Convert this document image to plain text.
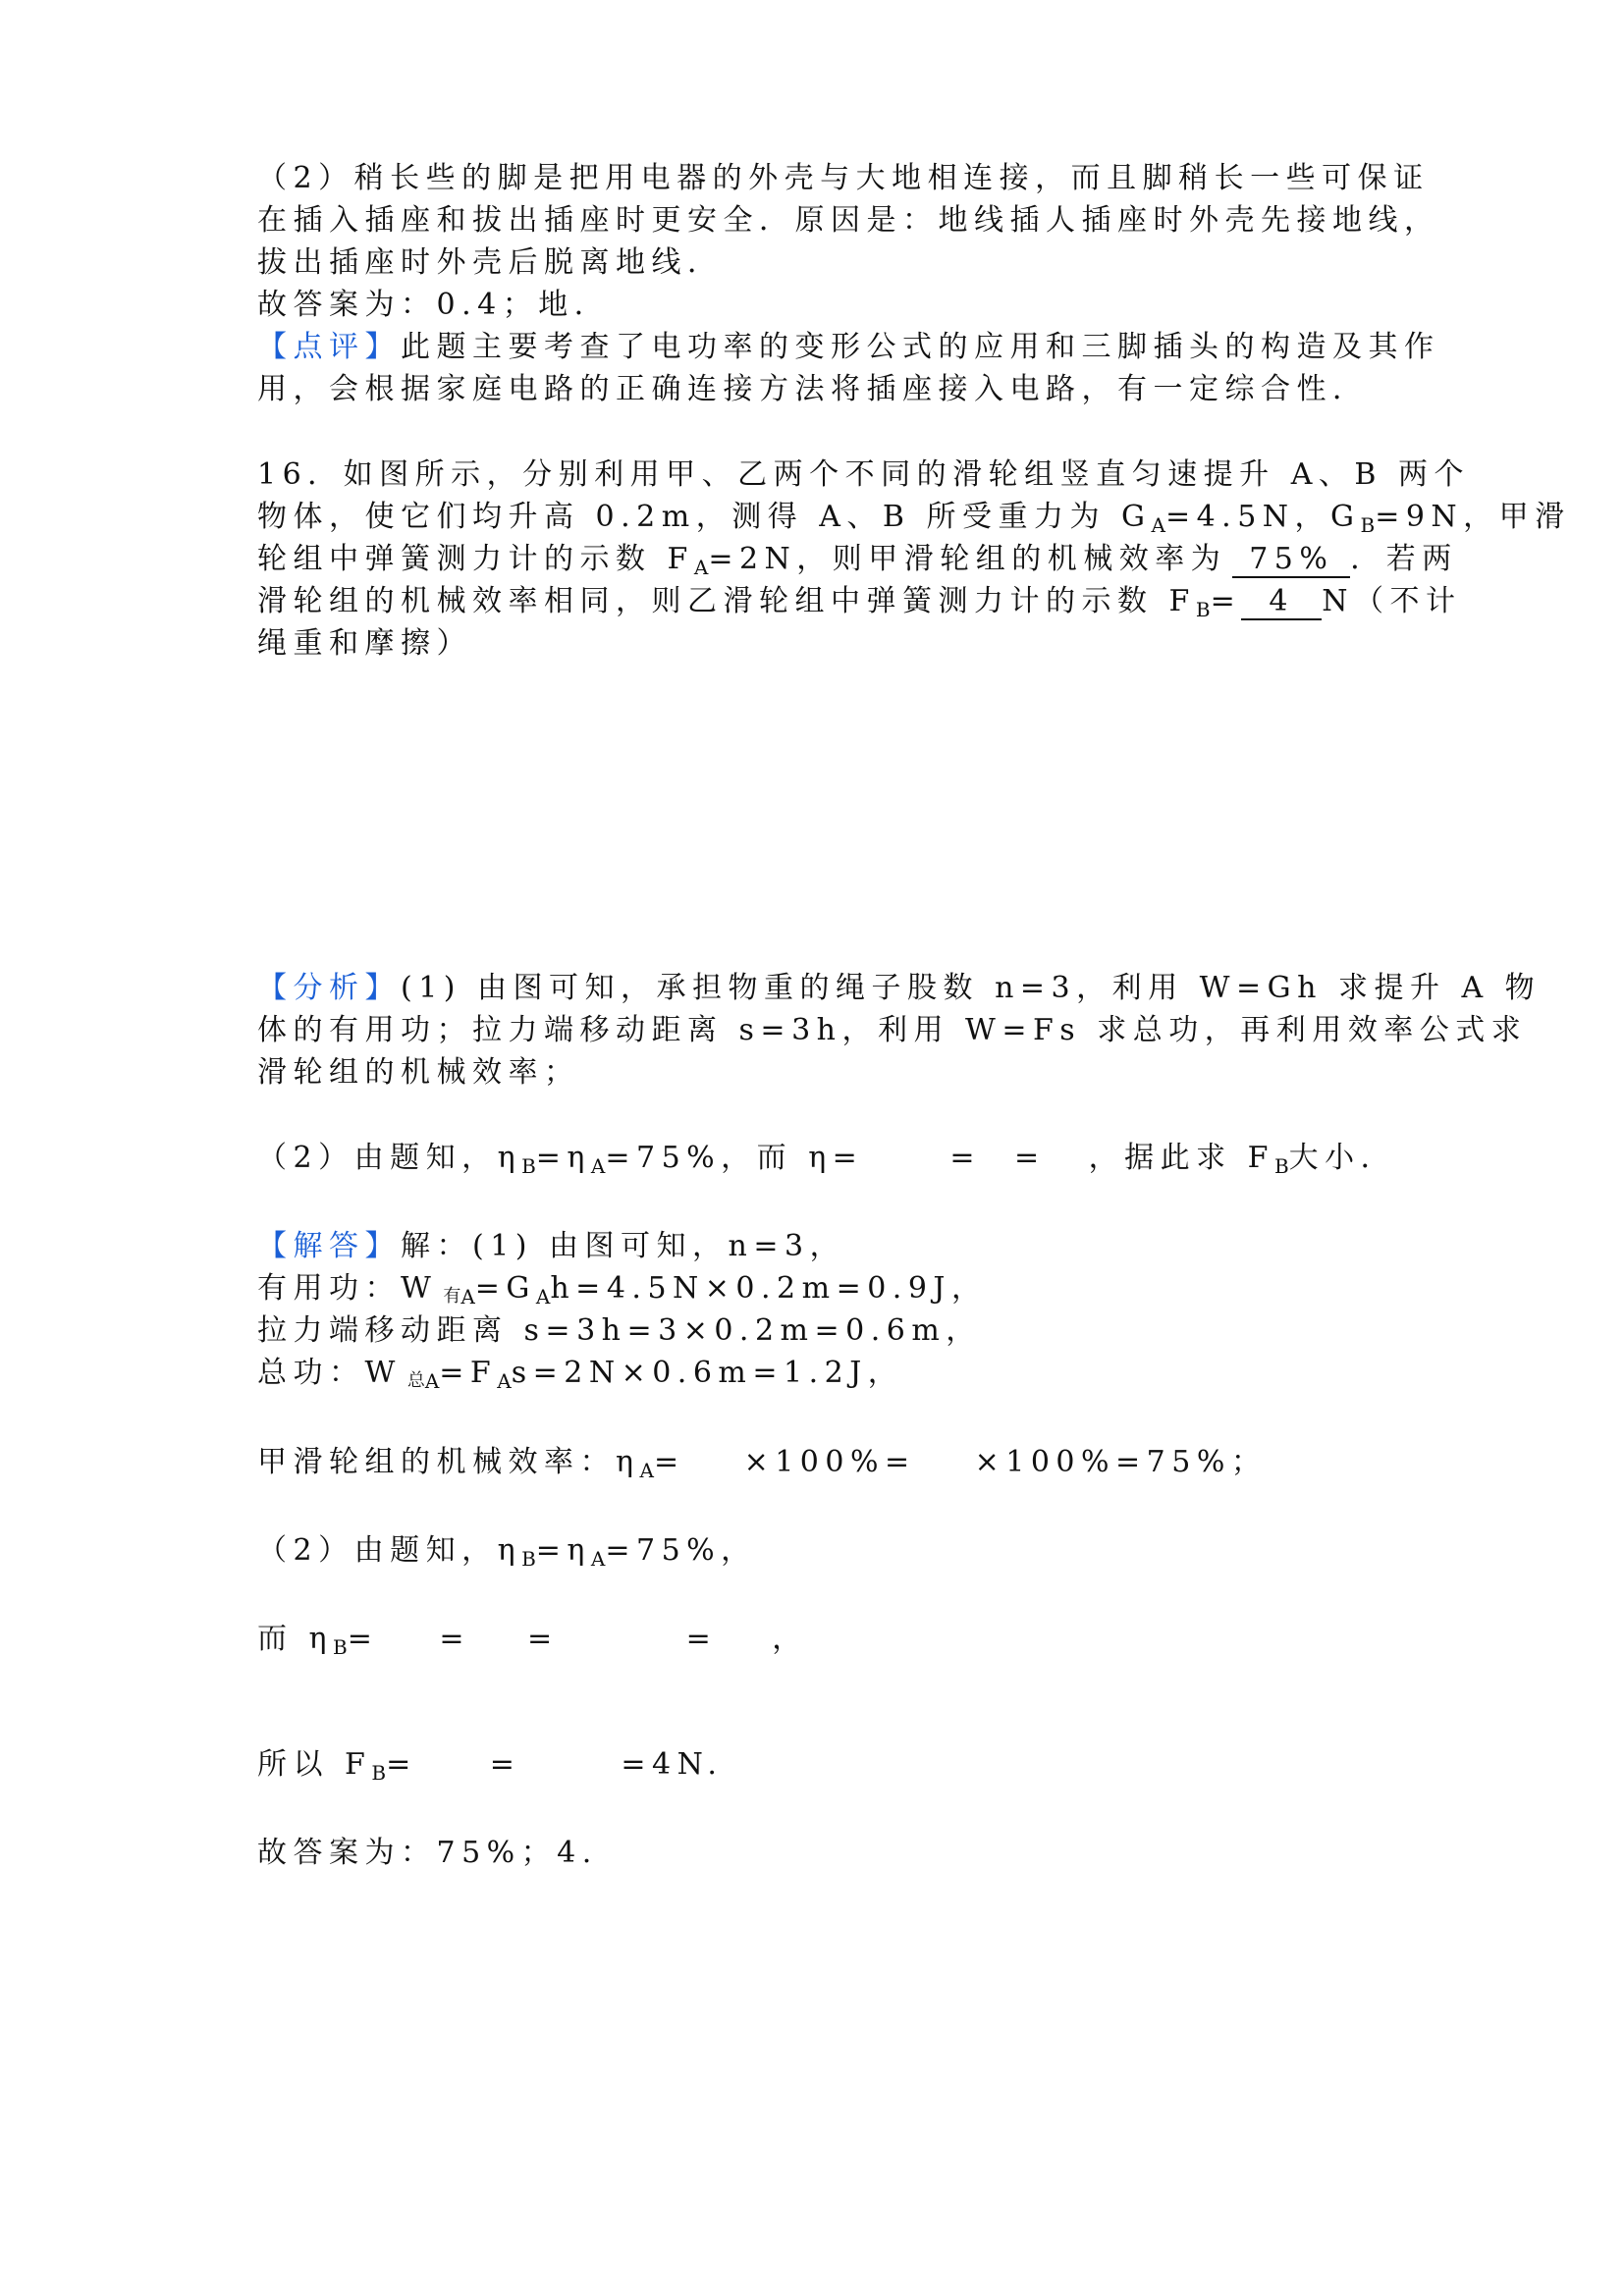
（2）稍长些的脚是把用电器的外壳与大地相连接，而且脚稍长一些可保证
在插入插座和拔出插座时更安全．原因是：地线插人插座时外壳先接地线，
拔出插座时外壳后脱离地线．
故答案为：0.4；地．
【点评】此题主要考查了电功率的变形公式的应用和三脚插头的构造及其作
用，会根据家庭电路的正确连接方法将插座接入电路，有一定综合性．
16．如图所示，分别利用甲、乙两个不同的滑轮组竖直匀速提升 A、B 两个
物体，使它们均升高 0.2m，测得 A、B 所受重力为 $G_A=4.5N$，$G_B=9N$，甲滑
轮组中弹簧测力计的示数 $F_A=2N$，则甲滑轮组的机械效率为 75% ．若两
滑轮组的机械效率相同，则乙滑轮组中弹簧测力计的示数 $F_B= 4$ N（不计
绳重和摩擦）
【分析】(1) 由图可知，承担物重的绳子股数 n=3，利用 W=Gh 求提升 A 物
体的有用功；拉力端移动距离 s=3h，利用 W=Fs 求总功，再利用效率公式求
滑轮组的机械效率；
（2）由题知，$\eta_B=\eta_A=75\%$，而 η=	= = ，据此求 $F_B$大小．
【解答】解：(1) 由图可知，n=3，
有用功：W 有$_A=G_Ah=4.5N\times 0.2m=0.9J$，
拉力端移动距离 s=3h=3×0.2m=0.6m，
总功：W 总$_A=F_As=2N\times 0.6m=1.2J$，
甲滑轮组的机械效率：$\eta_A= \times 100\%= \times 100\%=75\%$；
（2）由题知，$\eta_B=\eta_A=75\%$，
而 $\eta_B=$ = =	= ，
所以 $F_B=$ =	=4N.
故答案为：75%；4.
